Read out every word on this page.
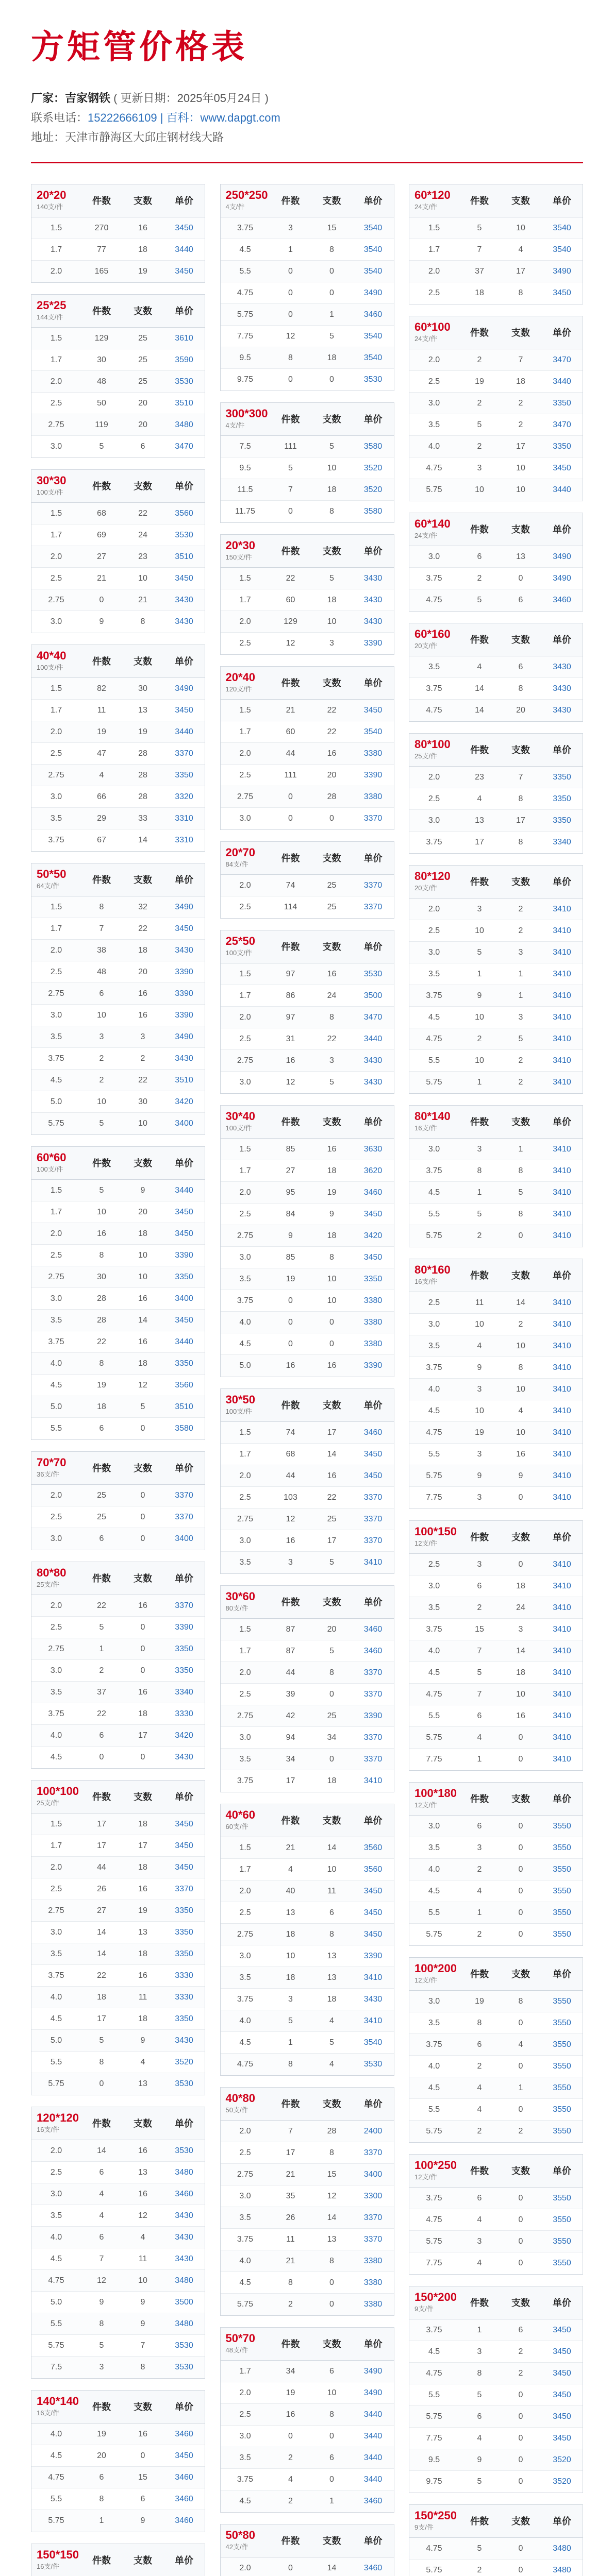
方矩管价格表
厂家：吉家钢铁 ( 更新日期：2025年05月24日 )
联系电话：15222666109 | 百科：www.dapgt.com
地址：天津市静海区大邱庄钢材线大路
20*20
140支/件
件数	支数	单价
1.5	270	16	3450
1.7	77	18	3440
2.0	165	19	3450
25*25
144支/件
件数	支数	单价
1.5	129	25	3610
1.7	30	25	3590
2.0	48	25	3530
2.5	50	20	3510
2.75	119	20	3480
3.0	5	6	3470
30*30
100支/件
件数	支数	单价
1.5	68	22	3560
1.7	69	24	3530
2.0	27	23	3510
2.5	21	10	3450
2.75	0	21	3430
3.0	9	8	3430
40*40
100支/件
件数	支数	单价
1.5	82	30	3490
1.7	11	13	3450
2.0	19	19	3440
2.5	47	28	3370
2.75	4	28	3350
3.0	66	28	3320
3.5	29	33	3310
3.75	67	14	3310
50*50
64支/件
件数	支数	单价
1.5	8	32	3490
1.7	7	22	3450
2.0	38	18	3430
2.5	48	20	3390
2.75	6	16	3390
3.0	10	16	3390
3.5	3	3	3490
3.75	2	2	3430
4.5	2	22	3510
5.0	10	30	3420
5.75	5	10	3400
60*60
100支/件
件数	支数	单价
1.5	5	9	3440
1.7	10	20	3450
2.0	16	18	3450
2.5	8	10	3390
2.75	30	10	3350
3.0	28	16	3400
3.5	28	14	3450
3.75	22	16	3440
4.0	8	18	3350
4.5	19	12	3560
5.0	18	5	3510
5.5	6	0	3580
70*70
36支/件
件数	支数	单价
2.0	25	0	3370
2.5	25	0	3370
3.0	6	0	3400
80*80
25支/件
件数	支数	单价
2.0	22	16	3370
2.5	5	0	3390
2.75	1	0	3350
3.0	2	0	3350
3.5	37	16	3340
3.75	22	18	3330
4.0	6	17	3420
4.5	0	0	3430
100*100
25支/件
件数	支数	单价
1.5	17	18	3450
1.7	17	17	3450
2.0	44	18	3450
2.5	26	16	3370
2.75	27	19	3350
3.0	14	13	3350
3.5	14	18	3350
3.75	22	16	3330
4.0	18	11	3330
4.5	17	18	3350
5.0	5	9	3430
5.5	8	4	3520
5.75	0	13	3530
120*120
16支/件
件数	支数	单价
2.0	14	16	3530
2.5	6	13	3480
3.0	4	16	3460
3.5	4	12	3430
4.0	6	4	3430
4.5	7	11	3430
4.75	12	10	3480
5.0	9	9	3500
5.5	8	9	3480
5.75	5	7	3530
7.5	3	8	3530
140*140
16支/件
件数	支数	单价
4.0	19	16	3460
4.5	20	0	3450
4.75	6	15	3460
5.5	8	6	3460
5.75	1	9	3460
150*150
16支/件
件数	支数	单价
250*250
4支/件
件数	支数	单价
3.75	3	15	3540
4.5	1	8	3540
5.5	0	0	3540
4.75	0	0	3490
5.75	0	1	3460
7.75	12	5	3540
9.5	8	18	3540
9.75	0	0	3530
300*300
4支/件
件数	支数	单价
7.5	111	5	3580
9.5	5	10	3520
11.5	7	18	3520
11.75	0	8	3580
20*30
150支/件
件数	支数	单价
1.5	22	5	3430
1.7	60	18	3430
2.0	129	10	3430
2.5	12	3	3390
20*40
120支/件
件数	支数	单价
1.5	21	22	3450
1.7	60	22	3540
2.0	44	16	3380
2.5	111	20	3390
2.75	0	28	3380
3.0	0	0	3370
20*70
84支/件
件数	支数	单价
2.0	74	25	3370
2.5	114	25	3370
25*50
100支/件
件数	支数	单价
1.5	97	16	3530
1.7	86	24	3500
2.0	97	8	3470
2.5	31	22	3440
2.75	16	3	3430
3.0	12	5	3430
30*40
100支/件
件数	支数	单价
1.5	85	16	3630
1.7	27	18	3620
2.0	95	19	3460
2.5	84	9	3450
2.75	9	18	3420
3.0	85	8	3450
3.5	19	10	3350
3.75	0	10	3380
4.0	0	0	3380
4.5	0	0	3380
5.0	16	16	3390
30*50
100支/件
件数	支数	单价
1.5	74	17	3460
1.7	68	14	3450
2.0	44	16	3450
2.5	103	22	3370
2.75	12	25	3370
3.0	16	17	3370
3.5	3	5	3410
30*60
80支/件
件数	支数	单价
1.5	87	20	3460
1.7	87	5	3460
2.0	44	8	3370
2.5	39	0	3370
2.75	42	25	3390
3.0	94	34	3370
3.5	34	0	3370
3.75	17	18	3410
40*60
60支/件
件数	支数	单价
1.5	21	14	3560
1.7	4	10	3560
2.0	40	11	3450
2.5	13	6	3450
2.75	18	8	3450
3.0	10	13	3390
3.5	18	13	3410
3.75	3	18	3430
4.0	5	4	3410
4.5	1	5	3540
4.75	8	4	3530
40*80
50支/件
件数	支数	单价
2.0	7	28	2400
2.5	17	8	3370
2.75	21	15	3400
3.0	35	12	3300
3.5	26	14	3370
3.75	11	13	3370
4.0	21	8	3380
4.5	8	0	3380
5.75	2	0	3380
50*70
48支/件
件数	支数	单价
1.7	34	6	3490
2.0	19	10	3490
2.5	16	8	3440
3.0	0	0	3440
3.5	2	6	3440
3.75	4	0	3440
4.5	2	1	3460
50*80
42支/件
件数	支数	单价
2.0	0	14	3460
60*120
24支/件
件数	支数	单价
1.5	5	10	3540
1.7	7	4	3540
2.0	37	17	3490
2.5	18	8	3450
60*100
24支/件
件数	支数	单价
2.0	2	7	3470
2.5	19	18	3440
3.0	2	2	3350
3.5	5	2	3470
4.0	2	17	3350
4.75	3	10	3450
5.75	10	10	3440
60*140
24支/件
件数	支数	单价
3.0	6	13	3490
3.75	2	0	3490
4.75	5	6	3460
60*160
20支/件
件数	支数	单价
3.5	4	6	3430
3.75	14	8	3430
4.75	14	20	3430
80*100
25支/件
件数	支数	单价
2.0	23	7	3350
2.5	4	8	3350
3.0	13	17	3350
3.75	17	8	3340
80*120
20支/件
件数	支数	单价
2.0	3	2	3410
2.5	10	2	3410
3.0	5	3	3410
3.5	1	1	3410
3.75	9	1	3410
4.5	10	3	3410
4.75	2	5	3410
5.5	10	2	3410
5.75	1	2	3410
80*140
16支/件
件数	支数	单价
3.0	3	1	3410
3.75	8	8	3410
4.5	1	5	3410
5.5	5	8	3410
5.75	2	0	3410
80*160
16支/件
件数	支数	单价
2.5	11	14	3410
3.0	10	2	3410
3.5	4	10	3410
3.75	9	8	3410
4.0	3	10	3410
4.5	10	4	3410
4.75	19	10	3410
5.5	3	16	3410
5.75	9	9	3410
7.75	3	0	3410
100*150
12支/件
件数	支数	单价
2.5	3	0	3410
3.0	6	18	3410
3.5	2	24	3410
3.75	15	3	3410
4.0	7	14	3410
4.5	5	18	3410
4.75	7	10	3410
5.5	6	16	3410
5.75	4	0	3410
7.75	1	0	3410
100*180
12支/件
件数	支数	单价
3.0	6	0	3550
3.5	3	0	3550
4.0	2	0	3550
4.5	4	0	3550
5.5	1	0	3550
5.75	2	0	3550
100*200
12支/件
件数	支数	单价
3.0	19	8	3550
3.5	8	0	3550
3.75	6	4	3550
4.0	2	0	3550
4.5	4	1	3550
5.5	4	0	3550
5.75	2	2	3550
100*250
12支/件
件数	支数	单价
3.75	6	0	3550
4.75	4	0	3550
5.75	3	0	3550
7.75	4	0	3550
150*200
9支/件
件数	支数	单价
3.75	1	6	3450
4.5	3	2	3450
4.75	8	2	3450
5.5	5	0	3450
5.75	6	0	3450
7.75	4	0	3450
9.5	9	0	3520
9.75	5	0	3520
150*250
9支/件
件数	支数	单价
4.75	5	0	3480
5.75	2	0	3480
